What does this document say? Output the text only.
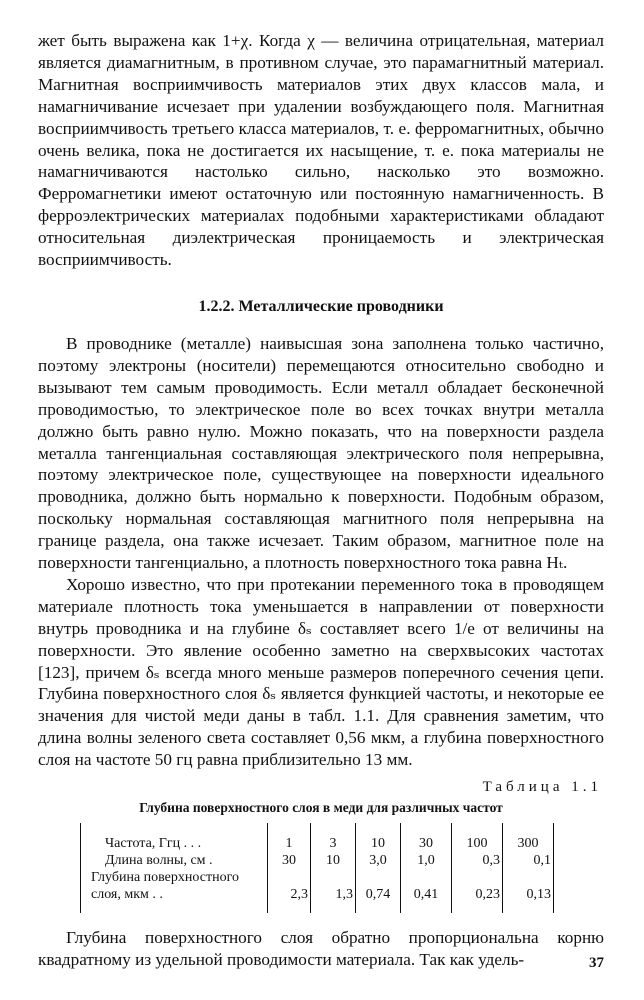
жет быть выражена как 1+χ. Когда χ — величина отрицательная, материал является диамагнитным, в противном случае, это парамагнитный материал. Магнитная восприимчивость материалов этих двух классов мала, и намагничивание исчезает при удалении возбуждающего поля. Магнитная восприимчивость третьего класса материалов, т. е. ферромагнитных, обычно очень велика, пока не достигается их насыщение, т. е. пока материалы не намагничиваются настолько сильно, насколько это возможно. Ферромагнетики имеют остаточную или постоянную намагниченность. В ферроэлектрических материалах подобными характеристиками обладают относительная диэлектрическая проницаемость и электрическая восприимчивость.

1.2.2. Металлические проводники

В проводнике (металле) наивысшая зона заполнена только частично, поэтому электроны (носители) перемещаются относительно свободно и вызывают тем самым проводимость. Если металл обладает бесконечной проводимостью, то электрическое поле во всех точках внутри металла должно быть равно нулю. Можно показать, что на поверхности раздела металла тангенциальная составляющая электрического поля непрерывна, поэтому электрическое поле, существующее на поверхности идеального проводника, должно быть нормально к поверхности. Подобным образом, поскольку нормальная составляющая магнитного поля непрерывна на границе раздела, она также исчезает. Таким образом, магнитное поле на поверхности тангенциально, а плотность поверхностного тока равна Hₜ.

Хорошо известно, что при протекании переменного тока в проводящем материале плотность тока уменьшается в направлении от поверхности внутрь проводника и на глубине δₛ составляет всего 1/e от величины на поверхности. Это явление особенно заметно на сверхвысоких частотах [123], причем δₛ всегда много меньше размеров поперечного сечения цепи. Глубина поверхностного слоя δₛ является функцией частоты, и некоторые ее значения для чистой меди даны в табл. 1.1. Для сравнения заметим, что длина волны зеленого света составляет 0,56 мкм, а глубина поверхностного слоя на частоте 50 гц равна приблизительно 13 мм.

Таблица 1.1
Глубина поверхностного слоя в меди для различных частот
Частота, Ггц . . .	1	3	10	30	100	300
Длина волны, см .	30	10	3,0	1,0	0,3	0,1
Глубина поверхностного слоя, мкм . .	2,3	1,3	0,74	0,41	0,23	0,13

Глубина поверхностного слоя обратно пропорциональна корню квадратному из удельной проводимости материала. Так как удель-	37
